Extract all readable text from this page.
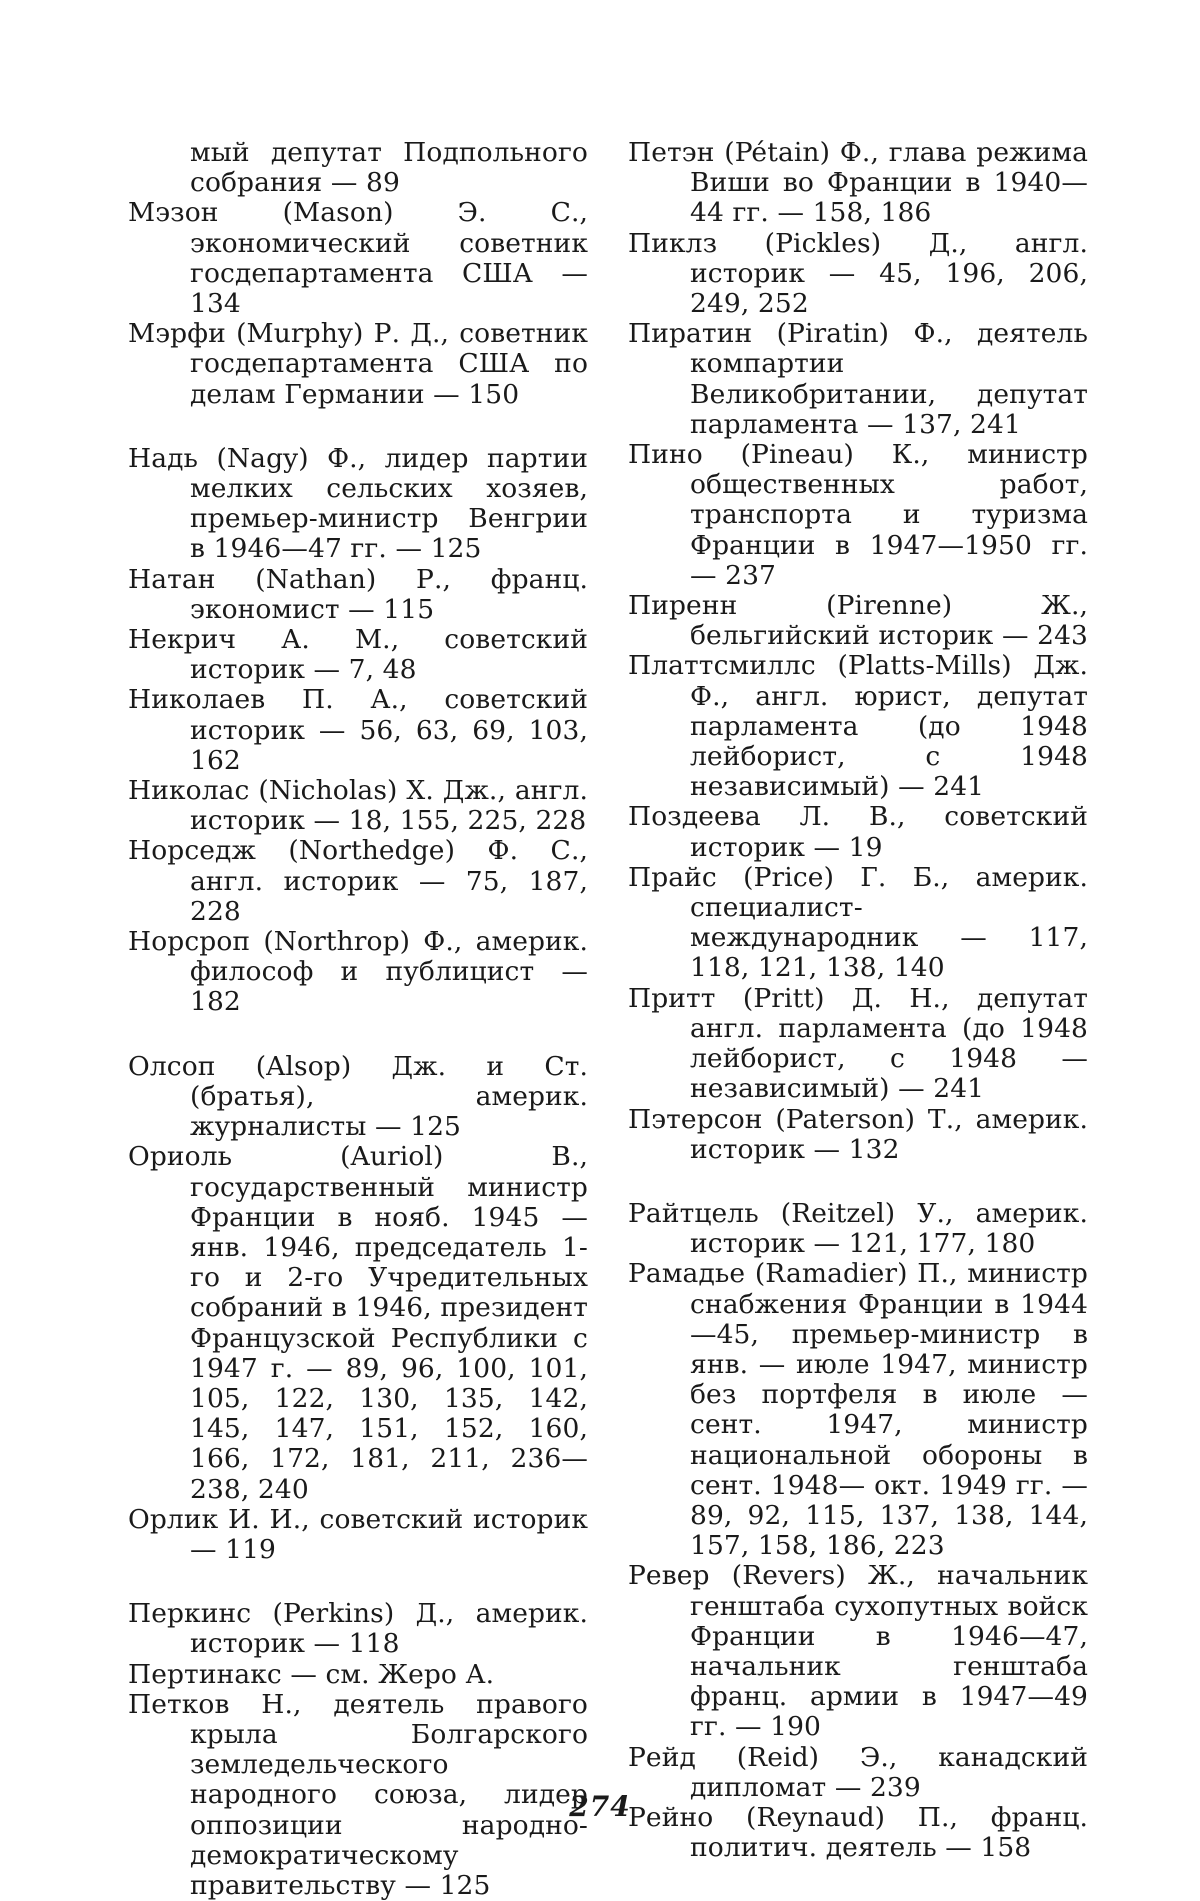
мый депутат Подпольного собрания — 89

Мэзон (Mason) Э. С., экономический советник госдепартамента США — 134

Мэрфи (Murphy) Р. Д., советник госдепартамента США по делам Германии — 150

Надь (Nagy) Ф., лидер партии мелких сельских хозяев, премьер-министр Венгрии в 1946—47 гг. — 125

Натан (Nathan) Р., франц. экономист — 115

Некрич А. М., советский историк — 7, 48

Николаев П. А., советский историк — 56, 63, 69, 103, 162

Николас (Nicholas) Х. Дж., англ. историк — 18, 155, 225, 228

Норседж (Northedge) Ф. С., англ. историк — 75, 187, 228

Норсроп (Northrop) Ф., америк. философ и публицист — 182

Олсоп (Alsop) Дж. и Ст. (братья), америк. журналисты — 125

Ориоль (Auriol) В., государственный министр Франции в нояб. 1945 — янв. 1946, председатель 1-го и 2-го Учредительных собраний в 1946, президент Французской Республики с 1947 г. — 89, 96, 100, 101, 105, 122, 130, 135, 142, 145, 147, 151, 152, 160, 166, 172, 181, 211, 236—238, 240

Орлик И. И., советский историк — 119

Перкинс (Perkins) Д., америк. историк — 118

Пертинакс — см. Жеро А.

Петков Н., деятель правого крыла Болгарского земледельческого народного союза, лидер оппозиции народно-демократическому правительству — 125

Петэн (Pétain) Ф., глава режима Виши во Франции в 1940—44 гг. — 158, 186

Пиклз (Pickles) Д., англ. историк — 45, 196, 206, 249, 252

Пиратин (Piratin) Ф., деятель компартии Великобритании, депутат парламента — 137, 241

Пино (Pineau) К., министр общественных работ, транспорта и туризма Франции в 1947—1950 гг. — 237

Пиренн (Pirenne) Ж., бельгийский историк — 243

Платтсмиллс (Platts-Mills) Дж. Ф., англ. юрист, депутат парламента (до 1948 лейборист, с 1948 независимый) — 241

Поздеева Л. В., советский историк — 19

Прайс (Price) Г. Б., америк. специалист-международник — 117, 118, 121, 138, 140

Притт (Pritt) Д. Н., депутат англ. парламента (до 1948 лейборист, с 1948 — независимый) — 241

Пэтерсон (Paterson) Т., америк. историк — 132

Райтцель (Reitzel) У., америк. историк — 121, 177, 180

Рамадье (Ramadier) П., министр снабжения Франции в 1944—45, премьер-министр в янв. — июле 1947, министр без портфеля в июле — сент. 1947, министр национальной обороны в сент. 1948— окт. 1949 гг. — 89, 92, 115, 137, 138, 144, 157, 158, 186, 223

Ревер (Revers) Ж., начальник генштаба сухопутных войск Франции в 1946—47, начальник генштаба франц. армии в 1947—49 гг. — 190

Рейд (Reid) Э., канадский дипломат — 239

Рейно (Reynaud) П., франц. политич. деятель — 158

274
